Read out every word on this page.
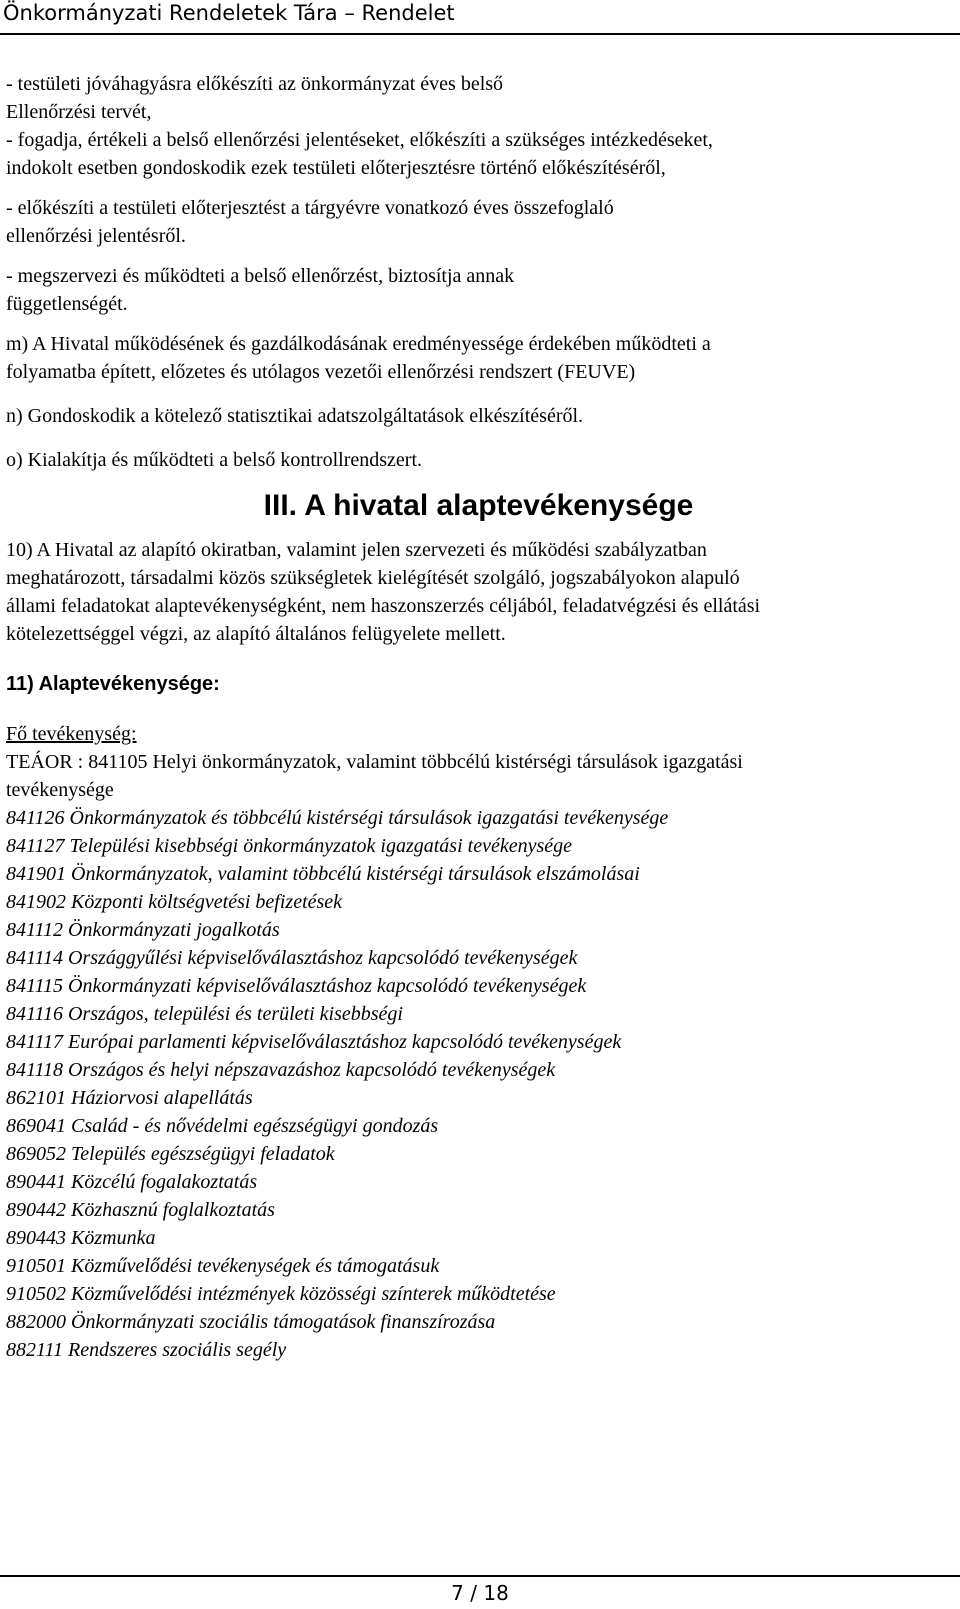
Önkormányzati Rendeletek Tára – Rendelet

- testületi jóváhagyásra előkészíti az önkormányzat éves belső

Ellenőrzési tervét,

- fogadja, értékeli a belső ellenőrzési jelentéseket, előkészíti a szükséges intézkedéseket,

indokolt esetben gondoskodik ezek testületi előterjesztésre történő előkészítéséről,

- előkészíti a testületi előterjesztést a tárgyévre vonatkozó éves összefoglaló

ellenőrzési jelentésről.

- megszervezi és működteti a belső ellenőrzést, biztosítja annak

függetlenségét.

m) A Hivatal működésének és gazdálkodásának eredményessége érdekében működteti a

folyamatba épített, előzetes és utólagos vezetői ellenőrzési rendszert (FEUVE)

n) Gondoskodik a kötelező statisztikai adatszolgáltatások elkészítéséről.

o) Kialakítja és működteti a belső kontrollrendszert.

III. A hivatal alaptevékenysége

10) A Hivatal az alapító okiratban, valamint jelen szervezeti és működési szabályzatban

meghatározott, társadalmi közös szükségletek kielégítését szolgáló, jogszabályokon alapuló

állami feladatokat alaptevékenységként, nem haszonszerzés céljából, feladatvégzési és ellátási

kötelezettséggel végzi, az alapító általános felügyelete mellett.

11) Alaptevékenysége:

Fő tevékenység:

TEÁOR : 841105 Helyi önkormányzatok, valamint többcélú kistérségi társulások igazgatási

tevékenysége

841126 Önkormányzatok és többcélú kistérségi társulások igazgatási tevékenysége

841127 Települési kisebbségi önkormányzatok igazgatási tevékenysége

841901 Önkormányzatok, valamint többcélú kistérségi társulások elszámolásai

841902 Központi költségvetési befizetések

841112 Önkormányzati jogalkotás

841114 Országgyűlési képviselőválasztáshoz kapcsolódó tevékenységek

841115 Önkormányzati képviselőválasztáshoz kapcsolódó tevékenységek

841116 Országos, települési és területi kisebbségi

841117 Európai parlamenti képviselőválasztáshoz kapcsolódó tevékenységek

841118 Országos és helyi népszavazáshoz kapcsolódó tevékenységek

862101 Háziorvosi alapellátás

869041 Család - és nővédelmi egészségügyi gondozás

869052 Település egészségügyi feladatok

890441 Közcélú fogalakoztatás

890442 Közhasznú foglalkoztatás

890443 Közmunka

910501 Közművelődési tevékenységek és támogatásuk

910502 Közművelődési intézmények közösségi színterek működtetése

882000 Önkormányzati szociális támogatások finanszírozása

882111 Rendszeres szociális segély

7 / 18
